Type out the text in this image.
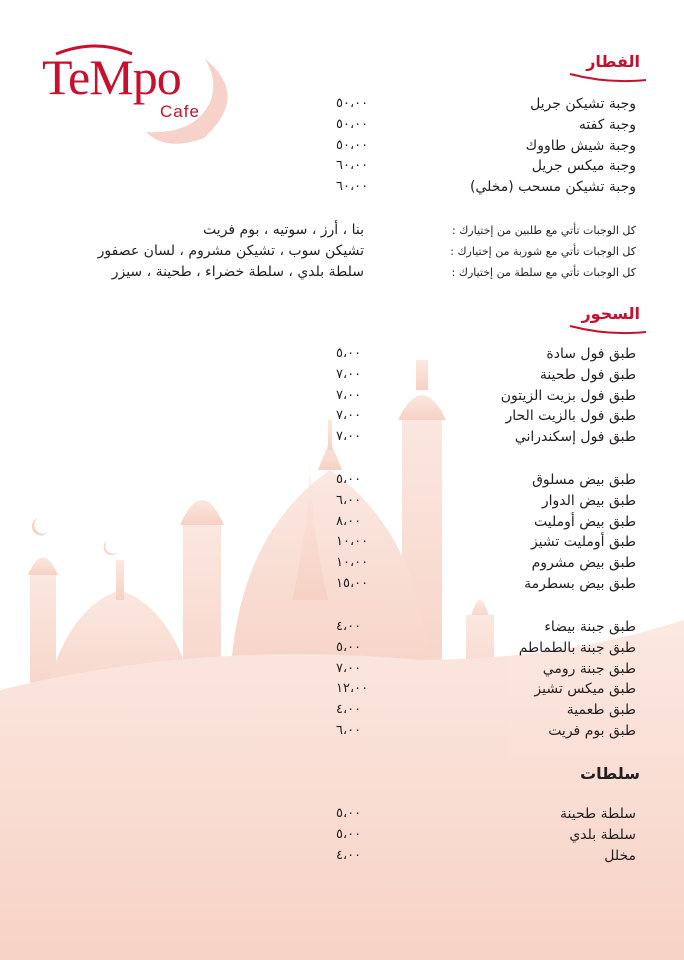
TeMpo
Cafe
الفطار
وجبة تشيكن جريل
٥٠،٠٠
وجبة كفته
٥٠،٠٠
وجبة شيش طاووك
٥٠،٠٠
وجبة ميكس جريل
٦٠،٠٠
وجبة تشيكن مسحب (مخلي)
٦٠،٠٠
كل الوجبات تأتي مع طلبين من إختيارك :
بنا ، أرز ، سوتيه ، بوم فريت
كل الوجبات تأتي مع شوربة من إختيارك :
تشيكن سوب ، تشيكن مشروم ، لسان عصفور
كل الوجبات تأتي مع سلطة من إختيارك :
سلطة بلدي ، سلطة خضراء ، طحينة ، سيزر
السحور
طبق فول سادة
٥،٠٠
طبق فول طحينة
٧،٠٠
طبق فول بزيت الزيتون
٧،٠٠
طبق فول بالزيت الحار
٧،٠٠
طبق فول إسكندراني
٧،٠٠
طبق بيض مسلوق
٥،٠٠
طبق بيض الدوار
٦،٠٠
طبق بيض أومليت
٨،٠٠
طبق أومليت تشيز
١٠،٠٠
طبق بيض مشروم
١٠،٠٠
طبق بيض بسطرمة
١٥،٠٠
طبق جبنة بيضاء
٤،٠٠
طبق جبنة بالطماطم
٥،٠٠
طبق جبنة رومي
٧،٠٠
طبق ميكس تشيز
١٢،٠٠
طبق طعمية
٤،٠٠
طبق بوم فريت
٦،٠٠
سلطات
سلطة طحينة
٥،٠٠
سلطة بلدي
٥،٠٠
مخلل
٤،٠٠
